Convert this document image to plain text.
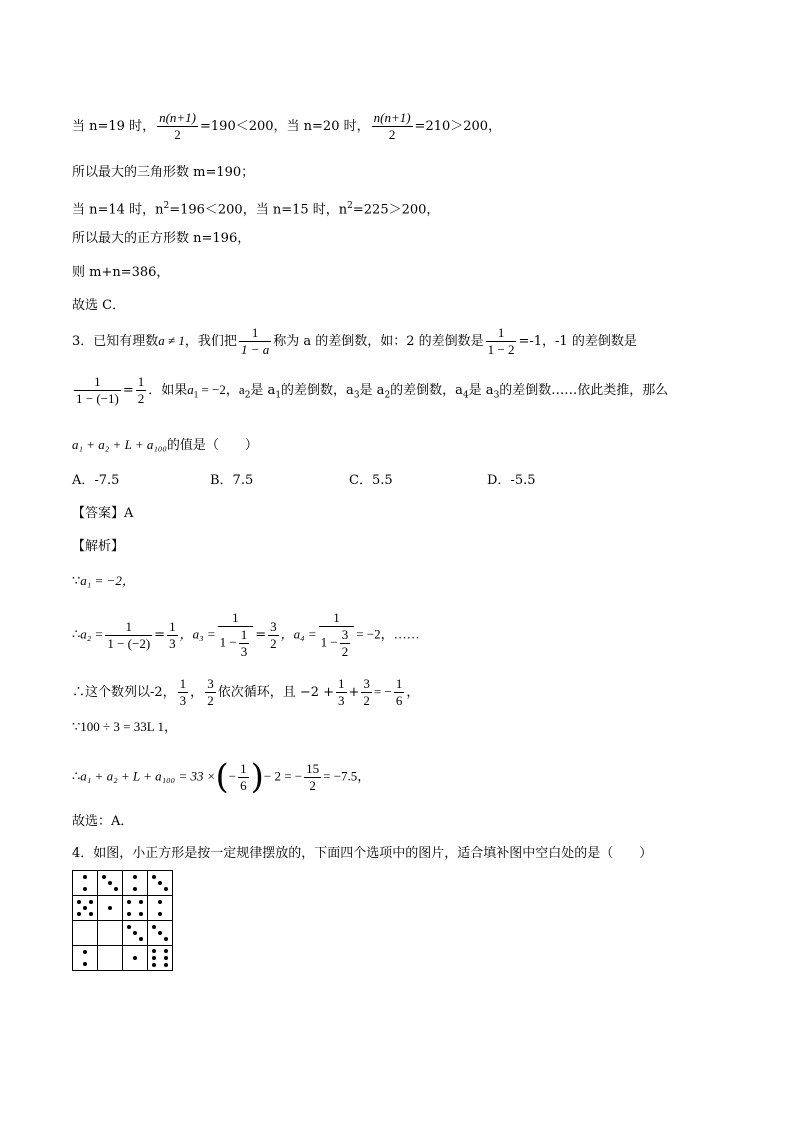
当 n=19 时， $\frac{n(n+1)}{2} =190<200$，当 n=20 时， $\frac{n(n+1)}{2} =210>200$，
所以最大的三角形数 m=190；
当 n=14 时，$n^2=196<200$，当 n=15 时，$n^2=225>200$，
所以最大的正方形数 n=196，
则 m+n=386，
故选 C．
3．已知有理数a ≠ 1，我们把 $\frac{1}{1 - a}$ 称为 a 的差倒数，如：2 的差倒数是 $\frac{1}{1 - 2} =-1$，-1 的差倒数是
$\frac{1}{1 - (-1)} = \frac{1}{2}$ ．如果$a_1 = -2$，$a_2$是 $a_1$的差倒数，$a_3$是 $a_2$的差倒数，$a_4$是 $a_3$的差倒数……依此类推，那么
a₁ + a₂ + L + a₁₀₀的值是（　　）
A．-7.5	B．7.5	C．5.5	D．-5.5
【答案】A
【解析】
∵a₁ = −2，
∴a₂ = $\frac{1}{1 - (-2)} = \frac{1}{3}$ ，$a_3 = \frac{1}{1 - \frac{1}{3}} = \frac{3}{2}$ ，$a_4 = \frac{1}{1 - \frac{3}{2}} = -2$，……
∴这个数列以-2， $\frac{1}{3}$ ， $\frac{3}{2}$ 依次循环，且 $-2 + \frac{1}{3} + \frac{3}{2}$ = − $\frac{1}{6}$ ，
∵100 ÷ 3 = 33L 1，
∴a₁ + a₂ + L + a₁₀₀ = 33 ×(− $\frac{1}{6}$ )− 2 = − $\frac{15}{2} = -7.5$，
故选：A．
4．如图，小正方形是按一定规律摆放的，下面四个选项中的图片，适合填补图中空白处的是（　　）
